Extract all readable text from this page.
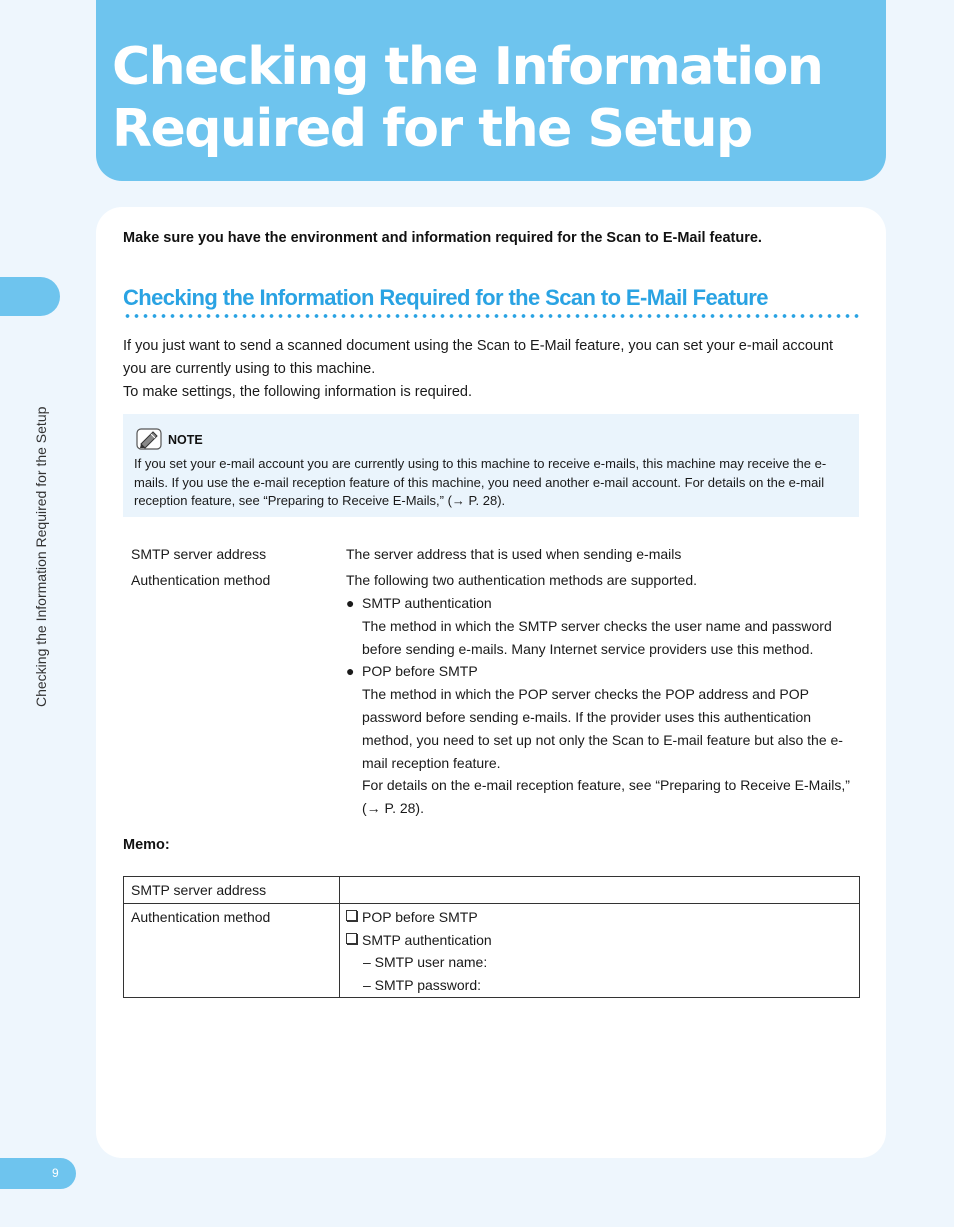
Checking the Information
Required for the Setup
Checking the Information Required for the Setup
9

Make sure you have the environment and information required for the Scan to E-Mail feature.

Checking the Information Required for the Scan to E-Mail Feature

If you just want to send a scanned document using the Scan to E-Mail feature, you can set your e-mail account you are currently using to this machine.
To make settings, the following information is required.

NOTE

If you set your e-mail account you are currently using to this machine to receive e-mails, this machine may receive the e-mails. If you use the e-mail reception feature of this machine, you need another e-mail account. For details on the e-mail reception feature, see “Preparing to Receive E-Mails,” (→ P. 28).

SMTP server address	The server address that is used when sending e-mails
Authentication method	The following two authentication methods are supported.
● SMTP authentication

The method in which the SMTP server checks the user name and password before sending e-mails. Many Internet service providers use this method.

● POP before SMTP

The method in which the POP server checks the POP address and POP password before sending e-mails. If the provider uses this authentication method, you need to set up not only the Scan to E-mail feature but also the e-mail reception feature.

For details on the e-mail reception feature, see “Preparing to Receive E-Mails,” (→ P. 28).

Memo:
SMTP server address
Authentication method	POP before SMTP
SMTP authentication
– SMTP user name:
– SMTP password:
